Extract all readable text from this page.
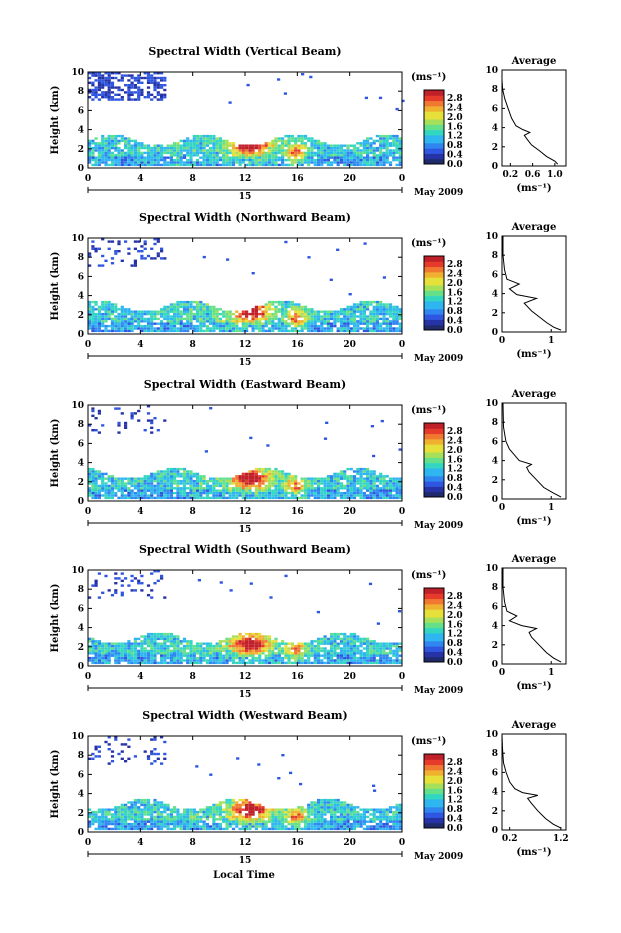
Spectral Width (Vertical Beam)
Height (km)
0
2
4
6
8
10
0	4	8	12	16	20	0
15	May 2009
(ms⁻¹)
0.0
0.4
0.8
1.2
1.6
2.0
2.4
2.8
Average
0
2
4
6
8
10
0.2 0.6 1.0
(ms⁻¹)
Spectral Width (Northward Beam)
Height (km)
0
2
4
6
8
10
0	4	8	12	16	20	0
15	May 2009
(ms⁻¹)
0.0
0.4
0.8
1.2
1.6
2.0
2.4
2.8
Average
0
2
4
6
8
10
0	1
(ms⁻¹)
Spectral Width (Eastward Beam)
Height (km)
0
2
4
6
8
10
0	4	8	12	16	20	0
15	May 2009
(ms⁻¹)
0.0
0.4
0.8
1.2
1.6
2.0
2.4
2.8
Average
0
2
4
6
8
10
0	1
(ms⁻¹)
Spectral Width (Southward Beam)
Height (km)
0
2
4
6
8
10
0	4	8	12	16	20	0
15	May 2009
(ms⁻¹)
0.0
0.4
0.8
1.2
1.6
2.0
2.4
2.8
Average
0
2
4
6
8
10
0	1
(ms⁻¹)
Spectral Width (Westward Beam)
Height (km)
0
2
4
6
8
10
0	4	8	12	16	20	0
15	May 2009
(ms⁻¹)
0.0
0.4
0.8
1.2
1.6
2.0
2.4
2.8
Average
0
2
4
6
8
10
0.2	1.2
(ms⁻¹)
Local Time
